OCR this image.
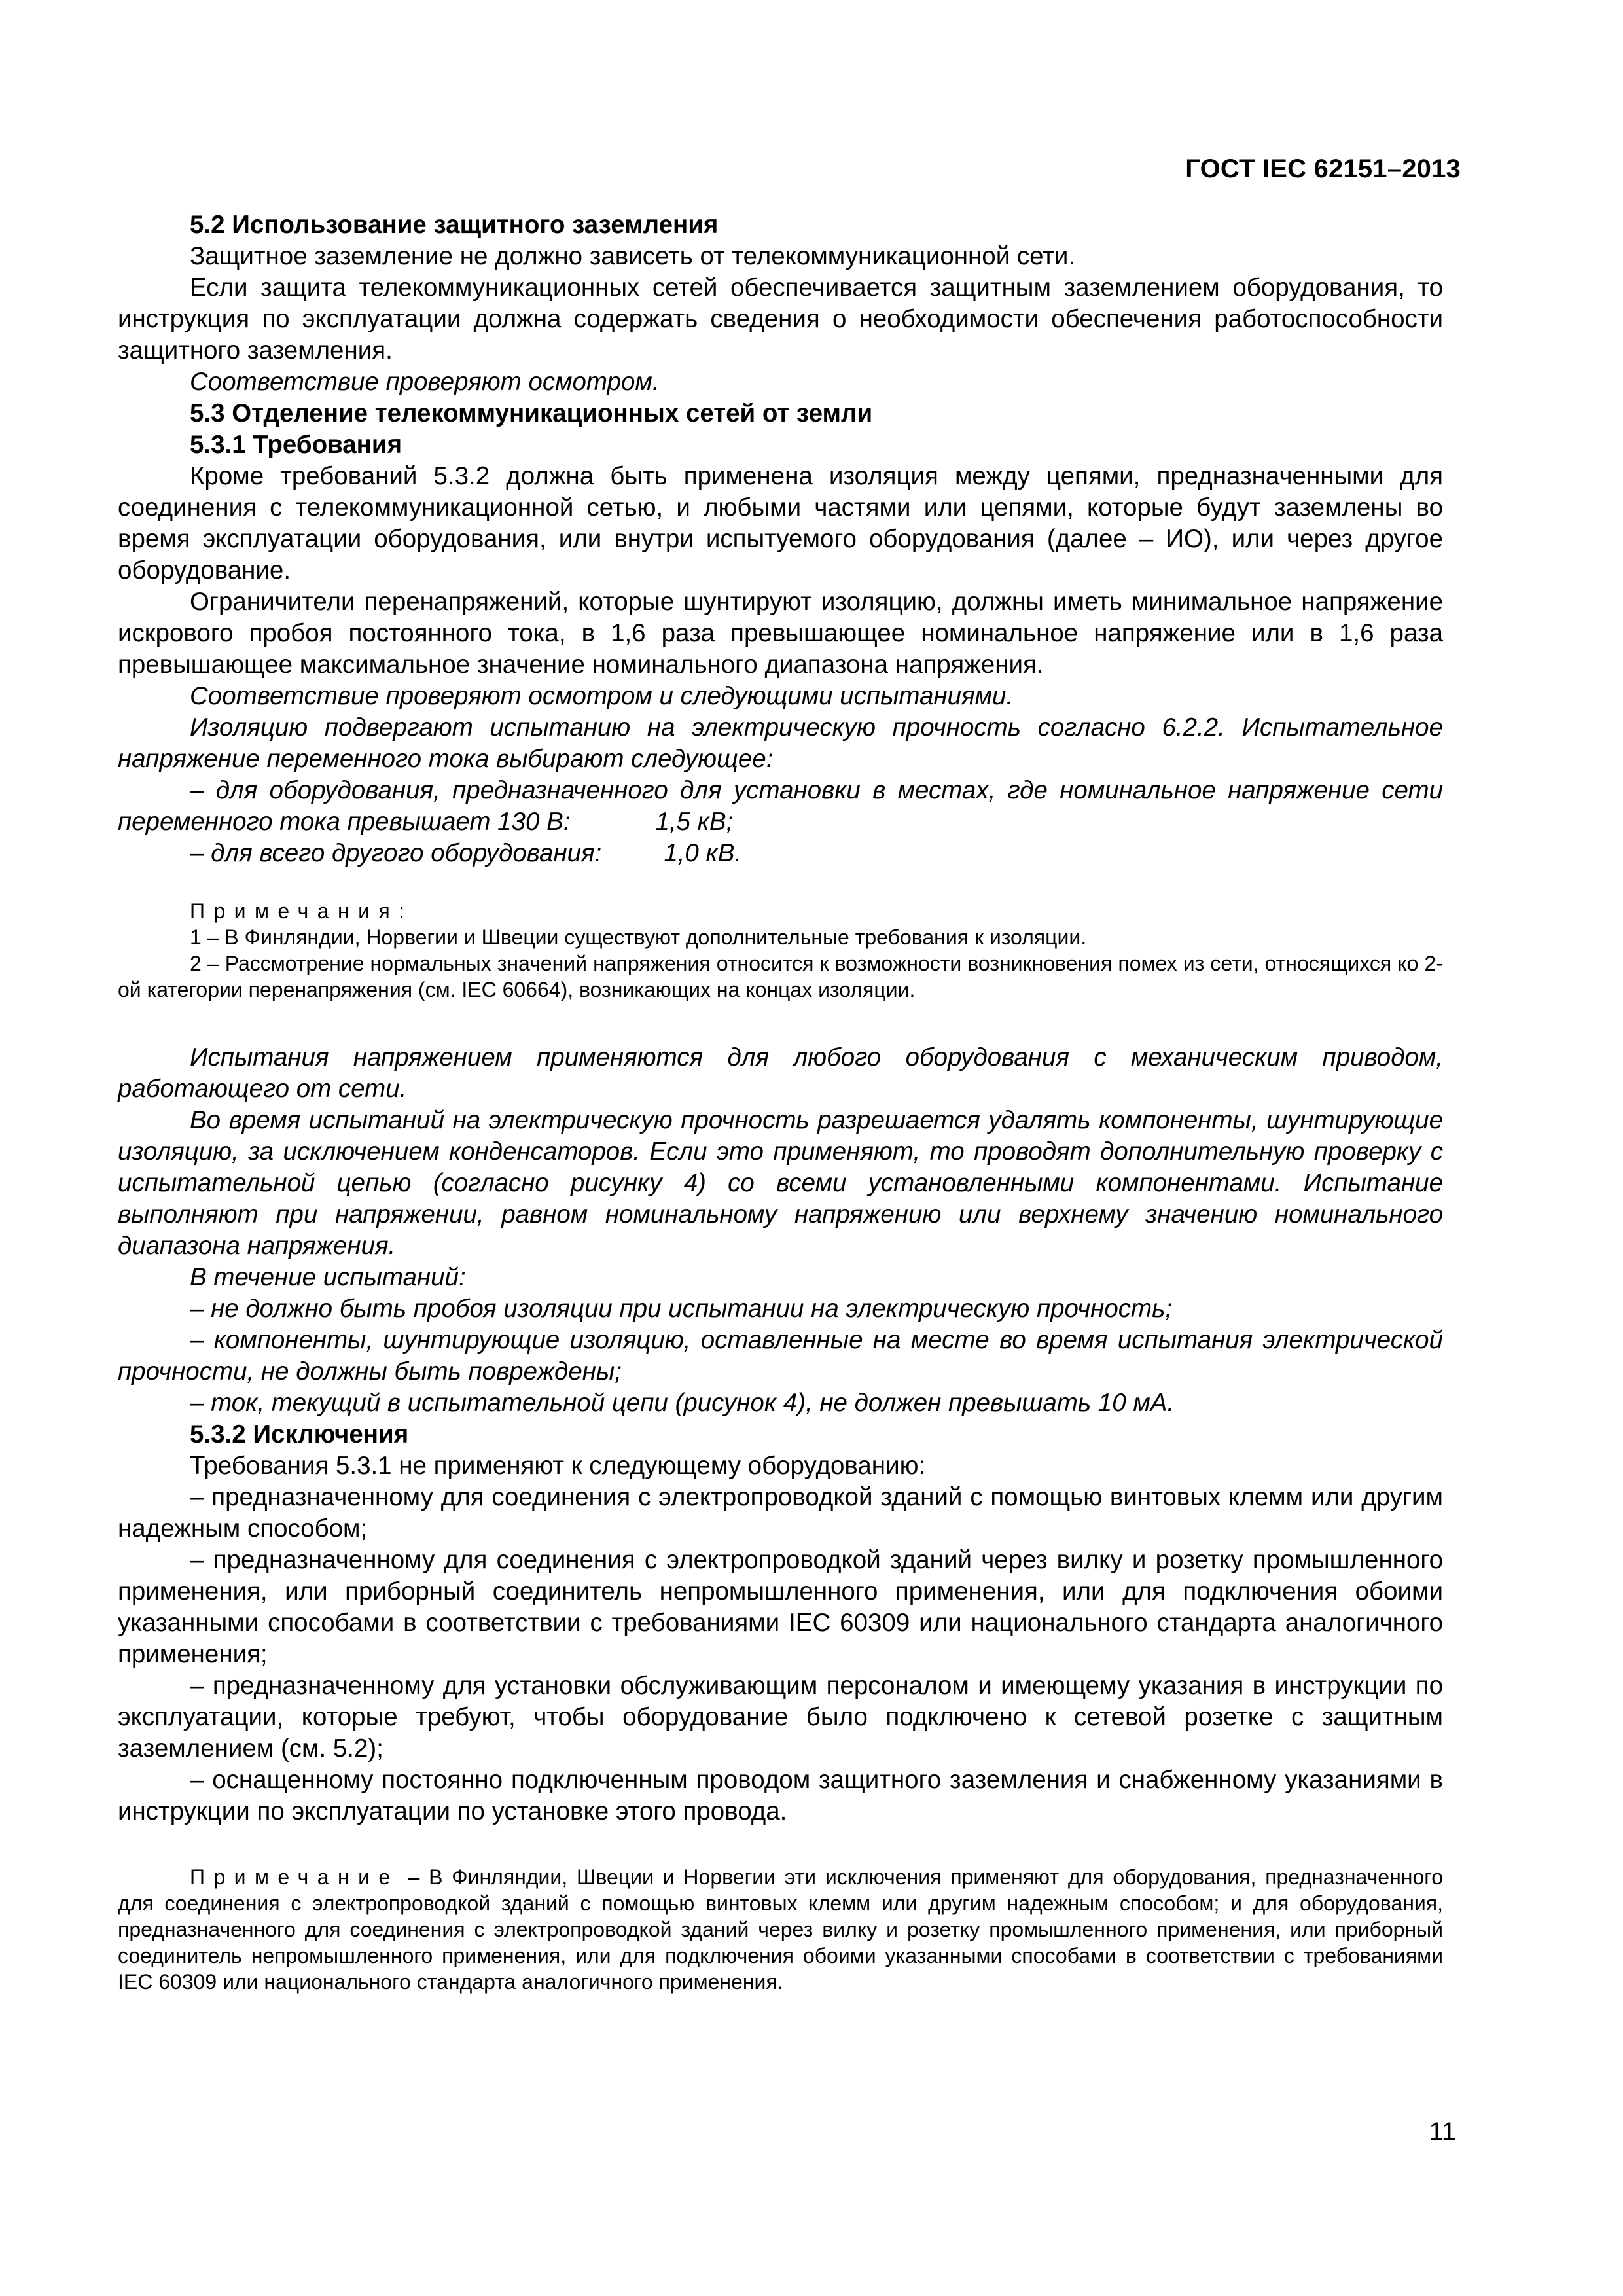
ГОСТ IEC 62151–2013

5.2 Использование защитного заземления

Защитное заземление не должно зависеть от телекоммуникационной сети.

Если защита телекоммуникационных сетей обеспечивается защитным заземлением оборудования, то инструкция по эксплуатации должна содержать сведения о необходимости обеспечения работоспособности защитного заземления.

Соответствие проверяют осмотром.

5.3 Отделение телекоммуникационных сетей от земли

5.3.1 Требования

Кроме требований 5.3.2 должна быть применена изоляция между цепями, предназначенными для соединения с телекоммуникационной сетью, и любыми частями или цепями, которые будут заземлены во время эксплуатации оборудования, или внутри испытуемого оборудования (далее – ИО), или через другое оборудование.

Ограничители перенапряжений, которые шунтируют изоляцию, должны иметь минимальное напряжение искрового пробоя постоянного тока, в 1,6 раза превышающее номинальное напряжение или в 1,6 раза превышающее максимальное значение номинального диапазона напряжения.

Соответствие проверяют осмотром и следующими испытаниями.

Изоляцию подвергают испытанию на электрическую прочность согласно 6.2.2. Испытательное напряжение переменного тока выбирают следующее:

– для оборудования, предназначенного для установки в местах, где номинальное напряжение сети переменного тока превышает 130 В:	1,5 кВ;

– для всего другого оборудования: 1,0 кВ.

Примечания:

1 – В Финляндии, Норвегии и Швеции существуют дополнительные требования к изоляции.

2 – Рассмотрение нормальных значений напряжения относится к возможности возникновения помех из сети, относящихся ко 2-ой категории перенапряжения (см. IEC 60664), возникающих на концах изоляции.

Испытания напряжением применяются для любого оборудования с механическим приводом, работающего от сети.

Во время испытаний на электрическую прочность разрешается удалять компоненты, шунтирующие изоляцию, за исключением конденсаторов. Если это применяют, то проводят дополнительную проверку с испытательной цепью (согласно рисунку 4) со всеми установленными компонентами. Испытание выполняют при напряжении, равном номинальному напряжению или верхнему значению номинального диапазона напряжения.

В течение испытаний:

– не должно быть пробоя изоляции при испытании на электрическую прочность;

– компоненты, шунтирующие изоляцию, оставленные на месте во время испытания электрической прочности, не должны быть повреждены;

– ток, текущий в испытательной цепи (рисунок 4), не должен превышать 10 мА.

5.3.2 Исключения

Требования 5.3.1 не применяют к следующему оборудованию:

– предназначенному для соединения с электропроводкой зданий с помощью винтовых клемм или другим надежным способом;

– предназначенному для соединения с электропроводкой зданий через вилку и розетку промышленного применения, или приборный соединитель непромышленного применения, или для подключения обоими указанными способами в соответствии с требованиями IEC 60309 или национального стандарта аналогичного применения;

– предназначенному для установки обслуживающим персоналом и имеющему указания в инструкции по эксплуатации, которые требуют, чтобы оборудование было подключено к сетевой розетке с защитным заземлением (см. 5.2);

– оснащенному постоянно подключенным проводом защитного заземления и снабженному указаниями в инструкции по эксплуатации по установке этого провода.

Примечание – В Финляндии, Швеции и Норвегии эти исключения применяют для оборудования, предназначенного для соединения с электропроводкой зданий с помощью винтовых клемм или другим надежным способом; и для оборудования, предназначенного для соединения с электропроводкой зданий через вилку и розетку промышленного применения, или приборный соединитель непромышленного применения, или для подключения обоими указанными способами в соответствии с требованиями IEC 60309 или национального стандарта аналогичного применения.

11
